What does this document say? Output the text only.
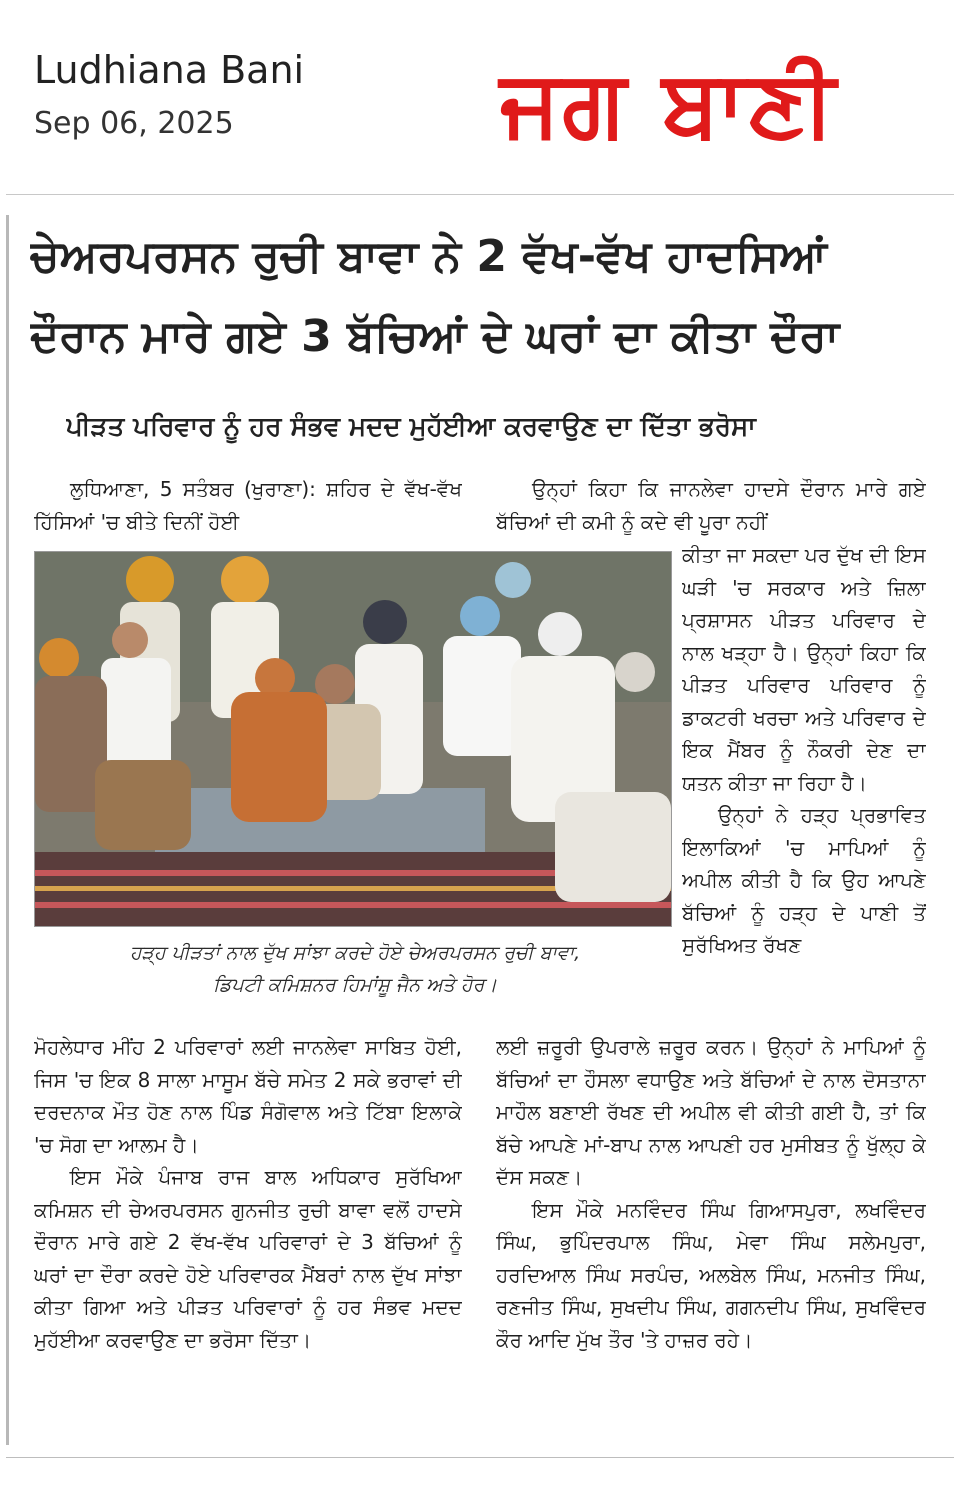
Ludhiana Bani
Sep 06, 2025	ਜਗ ਬਾਣੀ
ਚੇਅਰਪਰਸਨ ਰੁਚੀ ਬਾਵਾ ਨੇ 2 ਵੱਖ-ਵੱਖ ਹਾਦਸਿਆਂ
ਦੌਰਾਨ ਮਾਰੇ ਗਏ 3 ਬੱਚਿਆਂ ਦੇ ਘਰਾਂ ਦਾ ਕੀਤਾ ਦੌਰਾ
ਪੀੜਤ ਪਰਿਵਾਰ ਨੂੰ ਹਰ ਸੰਭਵ ਮਦਦ ਮੁਹੱਈਆ ਕਰਵਾਉਣ ਦਾ ਦਿੱਤਾ ਭਰੋਸਾ

ਲੁਧਿਆਣਾ, 5 ਸਤੰਬਰ (ਖੁਰਾਣਾ): ਸ਼ਹਿਰ ਦੇ ਵੱਖ-ਵੱਖ ਹਿੱਸਿਆਂ 'ਚ ਬੀਤੇ ਦਿਨੀਂ ਹੋਈ

ਹੜ੍ਹ ਪੀੜਤਾਂ ਨਾਲ ਦੁੱਖ ਸਾਂਝਾ ਕਰਦੇ ਹੋਏ ਚੇਅਰਪਰਸਨ ਰੁਚੀ ਬਾਵਾ,
ਡਿਪਟੀ ਕਮਿਸ਼ਨਰ ਹਿਮਾਂਸ਼ੂ ਜੈਨ ਅਤੇ ਹੋਰ।

ਮੋਹਲੇਧਾਰ ਮੀਂਹ 2 ਪਰਿਵਾਰਾਂ ਲਈ ਜਾਨਲੇਵਾ ਸਾਬਿਤ ਹੋਈ, ਜਿਸ 'ਚ ਇਕ 8 ਸਾਲਾ ਮਾਸੂਮ ਬੱਚੇ ਸਮੇਤ 2 ਸਕੇ ਭਰਾਵਾਂ ਦੀ ਦਰਦਨਾਕ ਮੌਤ ਹੋਣ ਨਾਲ ਪਿੰਡ ਸੰਗੋਵਾਲ ਅਤੇ ਟਿੱਬਾ ਇਲਾਕੇ 'ਚ ਸੋਗ ਦਾ ਆਲਮ ਹੈ।

ਇਸ ਮੌਕੇ ਪੰਜਾਬ ਰਾਜ ਬਾਲ ਅਧਿਕਾਰ ਸੁਰੱਖਿਆ ਕਮਿਸ਼ਨ ਦੀ ਚੇਅਰਪਰਸਨ ਗੁਨਜੀਤ ਰੁਚੀ ਬਾਵਾ ਵਲੋਂ ਹਾਦਸੇ ਦੌਰਾਨ ਮਾਰੇ ਗਏ 2 ਵੱਖ-ਵੱਖ ਪਰਿਵਾਰਾਂ ਦੇ 3 ਬੱਚਿਆਂ ਨੂੰ ਘਰਾਂ ਦਾ ਦੌਰਾ ਕਰਦੇ ਹੋਏ ਪਰਿਵਾਰਕ ਮੈਂਬਰਾਂ ਨਾਲ ਦੁੱਖ ਸਾਂਝਾ ਕੀਤਾ ਗਿਆ ਅਤੇ ਪੀੜਤ ਪਰਿਵਾਰਾਂ ਨੂੰ ਹਰ ਸੰਭਵ ਮਦਦ ਮੁਹੱਈਆ ਕਰਵਾਉਣ ਦਾ ਭਰੋਸਾ ਦਿੱਤਾ।

ਉਨ੍ਹਾਂ ਕਿਹਾ ਕਿ ਜਾਨਲੇਵਾ ਹਾਦਸੇ ਦੌਰਾਨ ਮਾਰੇ ਗਏ ਬੱਚਿਆਂ ਦੀ ਕਮੀ ਨੂੰ ਕਦੇ ਵੀ ਪੂਰਾ ਨਹੀਂ

ਕੀਤਾ ਜਾ ਸਕਦਾ ਪਰ ਦੁੱਖ ਦੀ ਇਸ ਘੜੀ 'ਚ ਸਰਕਾਰ ਅਤੇ ਜ਼ਿਲਾ ਪ੍ਰਸ਼ਾਸਨ ਪੀੜਤ ਪਰਿਵਾਰ ਦੇ ਨਾਲ ਖੜ੍ਹਾ ਹੈ। ਉਨ੍ਹਾਂ ਕਿਹਾ ਕਿ ਪੀੜਤ ਪਰਿਵਾਰ ਪਰਿਵਾਰ ਨੂੰ ਡਾਕਟਰੀ ਖਰਚਾ ਅਤੇ ਪਰਿਵਾਰ ਦੇ ਇਕ ਮੈਂਬਰ ਨੂੰ ਨੌਕਰੀ ਦੇਣ ਦਾ ਯਤਨ ਕੀਤਾ ਜਾ ਰਿਹਾ ਹੈ।

ਉਨ੍ਹਾਂ ਨੇ ਹੜ੍ਹ ਪ੍ਰਭਾਵਿਤ ਇਲਾਕਿਆਂ 'ਚ ਮਾਪਿਆਂ ਨੂੰ ਅਪੀਲ ਕੀਤੀ ਹੈ ਕਿ ਉਹ ਆਪਣੇ ਬੱਚਿਆਂ ਨੂੰ ਹੜ੍ਹ ਦੇ ਪਾਣੀ ਤੋਂ ਸੁਰੱਖਿਅਤ ਰੱਖਣ

ਲਈ ਜ਼ਰੂਰੀ ਉਪਰਾਲੇ ਜ਼ਰੂਰ ਕਰਨ। ਉਨ੍ਹਾਂ ਨੇ ਮਾਪਿਆਂ ਨੂੰ ਬੱਚਿਆਂ ਦਾ ਹੌਸਲਾ ਵਧਾਉਣ ਅਤੇ ਬੱਚਿਆਂ ਦੇ ਨਾਲ ਦੋਸਤਾਨਾ ਮਾਹੌਲ ਬਣਾਈ ਰੱਖਣ ਦੀ ਅਪੀਲ ਵੀ ਕੀਤੀ ਗਈ ਹੈ, ਤਾਂ ਕਿ ਬੱਚੇ ਆਪਣੇ ਮਾਂ-ਬਾਪ ਨਾਲ ਆਪਣੀ ਹਰ ਮੁਸੀਬਤ ਨੂੰ ਖੁੱਲ੍ਹ ਕੇ ਦੱਸ ਸਕਣ।

ਇਸ ਮੌਕੇ ਮਨਵਿੰਦਰ ਸਿੰਘ ਗਿਆਸਪੁਰਾ, ਲਖਵਿੰਦਰ ਸਿੰਘ, ਭੁਪਿੰਦਰਪਾਲ ਸਿੰਘ, ਮੇਵਾ ਸਿੰਘ ਸਲੇਮਪੁਰਾ, ਹਰਦਿਆਲ ਸਿੰਘ ਸਰਪੰਚ, ਅਲਬੇਲ ਸਿੰਘ, ਮਨਜੀਤ ਸਿੰਘ, ਰਣਜੀਤ ਸਿੰਘ, ਸੁਖਦੀਪ ਸਿੰਘ, ਗਗਨਦੀਪ ਸਿੰਘ, ਸੁਖਵਿੰਦਰ ਕੌਰ ਆਦਿ ਮੁੱਖ ਤੌਰ 'ਤੇ ਹਾਜ਼ਰ ਰਹੇ।
